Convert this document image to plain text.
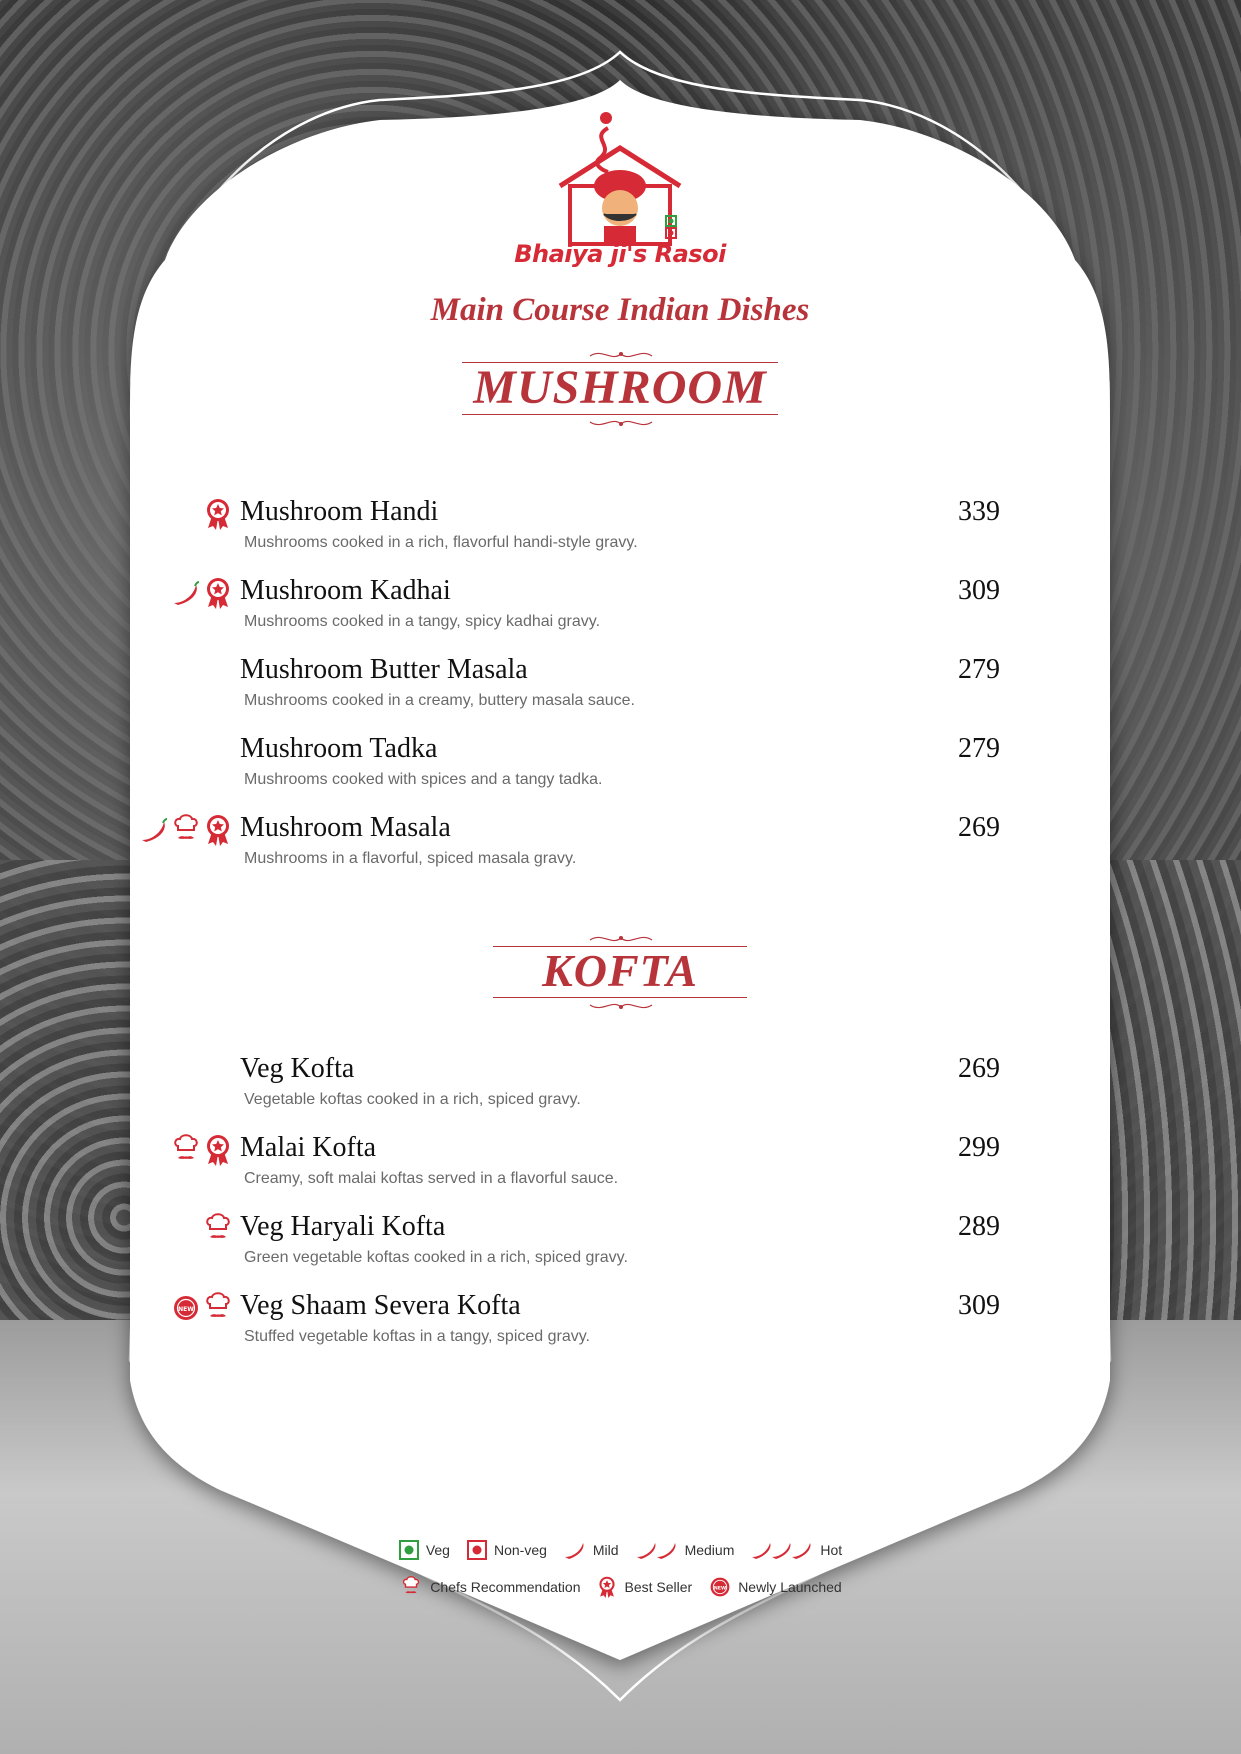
Bhaiya ji's Rasoi
Main Course Indian Dishes
MUSHROOM
Mushroom Handi
Mushrooms cooked in a rich, flavorful handi-style gravy.
339
Mushroom Kadhai
Mushrooms cooked in a tangy, spicy kadhai gravy.
309
Mushroom Butter Masala
Mushrooms cooked in a creamy, buttery masala sauce.
279
Mushroom Tadka
Mushrooms cooked with spices and a tangy tadka.
279
Mushroom Masala
Mushrooms in a flavorful, spiced masala gravy.
269
KOFTA
Veg Kofta
Vegetable koftas cooked in a rich, spiced gravy.
269
Malai Kofta
Creamy, soft malai koftas served in a flavorful sauce.
299
Veg Haryali Kofta
Green vegetable koftas cooked in a rich, spiced gravy.
289
NEW Veg Shaam Severa Kofta
Stuffed vegetable koftas in a tangy, spiced gravy.
309
Veg	Non-veg	Mild	Medium	Hot
Chefs Recommendation	Best Seller	NEW Newly Launched
